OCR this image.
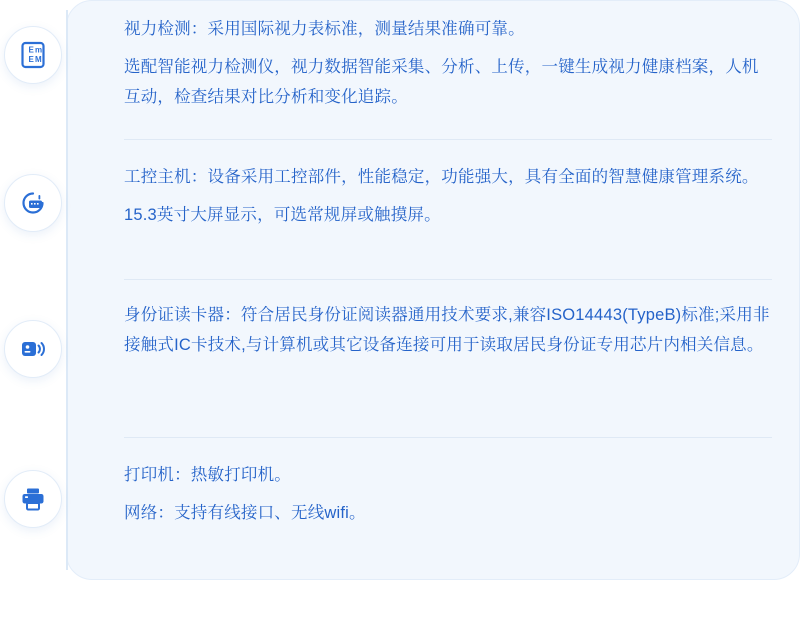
E m
E M

视力检测：采用国际视力表标准，测量结果准确可靠。

选配智能视力检测仪，视力数据智能采集、分析、上传，一键生成视力健康档案，人机互动，检查结果对比分析和变化追踪。

工控主机：设备采用工控部件，性能稳定，功能强大，具有全面的智慧健康管理系统。

15.3英寸大屏显示，可选常规屏或触摸屏。

身份证读卡器：符合居民身份证阅读器通用技术要求,兼容ISO14443(TypeB)标准;采用非接触式IC卡技术,与计算机或其它设备连接可用于读取居民身份证专用芯片内相关信息。

打印机：热敏打印机。

网络：支持有线接口、无线wifi。
